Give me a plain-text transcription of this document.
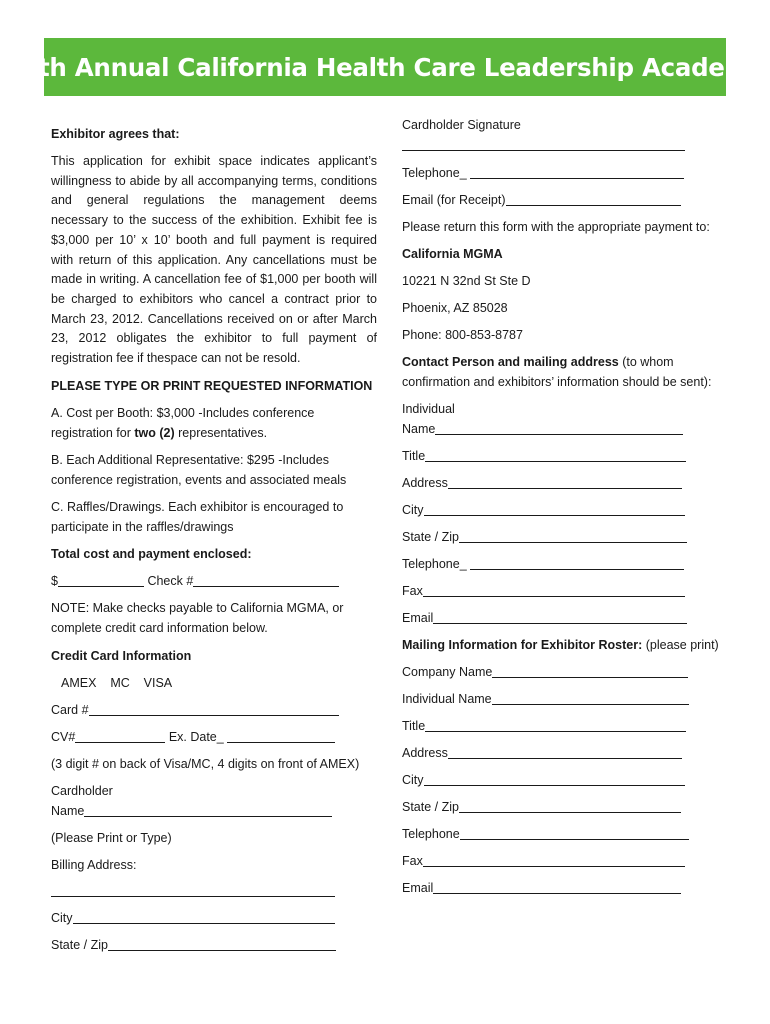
15th Annual California Health Care Leadership Academy

Exhibitor agrees that:

This application for exhibit space indicates applicant’s willingness to abide by all accompanying terms, conditions and general regulations the management deems necessary to the success of the exhibition. Exhibit fee is $3,000 per 10’ x 10’ booth and full payment is required with return of this application. Any cancellations must be made in writing. A cancellation fee of $1,000 per booth will be charged to exhibitors who cancel a contract prior to March 23, 2012. Cancellations received on or after March 23, 2012 obligates the exhibitor to full payment of registration fee if thespace can not be resold.

PLEASE TYPE OR PRINT REQUESTED INFORMATION

A. Cost per Booth: $3,000 -Includes conference registration for two (2) representatives.

B. Each Additional Representative: $295 -Includes conference registration, events and associated meals

C. Raffles/Drawings. Each exhibitor is encouraged to participate in the raffles/drawings

Total cost and payment enclosed:

$	Check #

NOTE: Make checks payable to California MGMA, or complete credit card information below.

Credit Card Information

AMEX    MC    VISA

Card #

CV#	Ex. Date_

(3 digit # on back of Visa/MC, 4 digits on front of AMEX)

Cardholder

Name

(Please Print or Type)

Billing Address:

City

State / Zip

Cardholder Signature

Telephone_

Email (for Receipt)

Please return this form with the appropriate payment to:

California MGMA

10221 N 32nd St Ste D

Phoenix, AZ 85028

Phone: 800-853-8787

Contact Person and mailing address (to whom confirmation and exhibitors’ information should be sent):

Individual

Name

Title

Address

City

State / Zip

Telephone_

Fax

Email

Mailing Information for Exhibitor Roster: (please print)

Company Name

Individual Name

Title

Address

City

State / Zip

Telephone

Fax

Email
